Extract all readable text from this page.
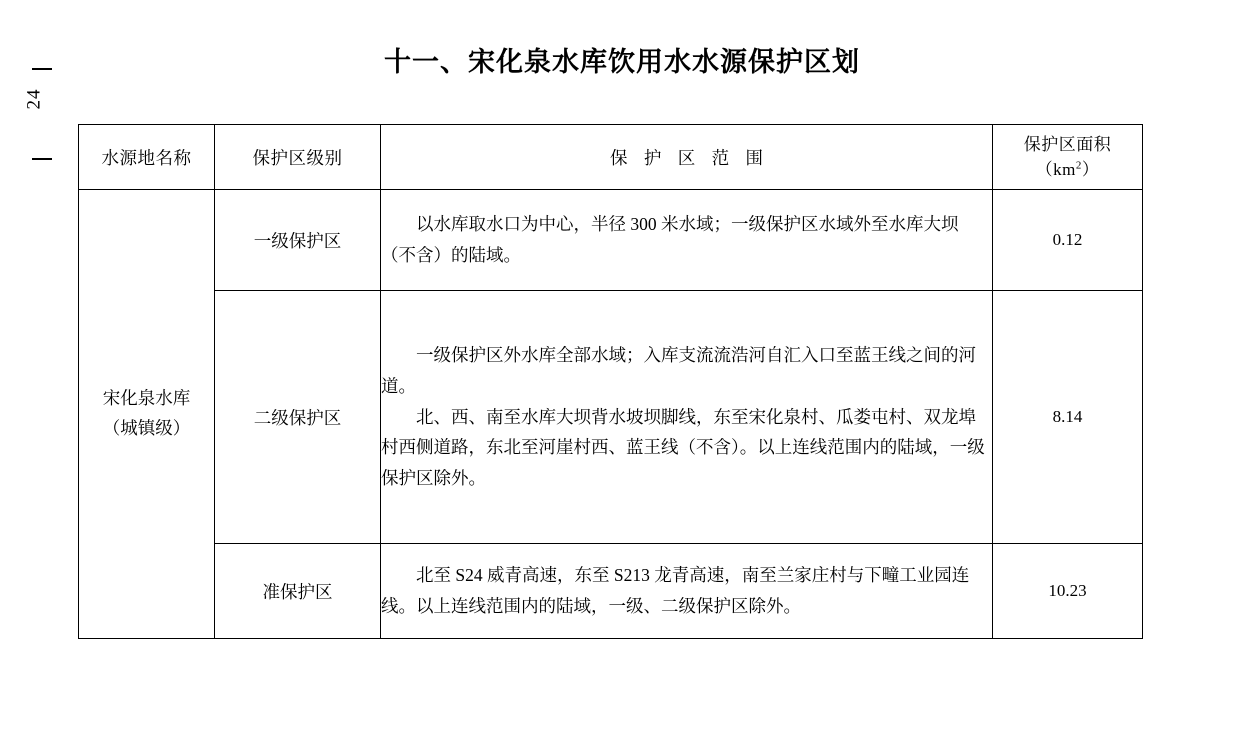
24
十一、宋化泉水库饮用水水源保护区划
水源地名称	保护区级别	保 护 区 范 围	保护区面积
$(km^2)$

宋化泉水库
（城镇级）	一级保护区	以水库取水口为中心，半径 300 米水域；一级保护区水域外至水库大坝（不含）的陆域。	0.12
	二级保护区	一级保护区外水库全部水域；入库支流流浩河自汇入口至蓝王线之间的河道。

北、西、南至水库大坝背水坡坝脚线，东至宋化泉村、瓜娄屯村、双龙埠村西侧道路，东北至河崖村西、蓝王线（不含）。以上连线范围内的陆域，一级保护区除外。	8.14
	准保护区	北至 S24 威青高速，东至 S213 龙青高速，南至兰家庄村与下疃工业园连线。以上连线范围内的陆域，一级、二级保护区除外。	10.23
